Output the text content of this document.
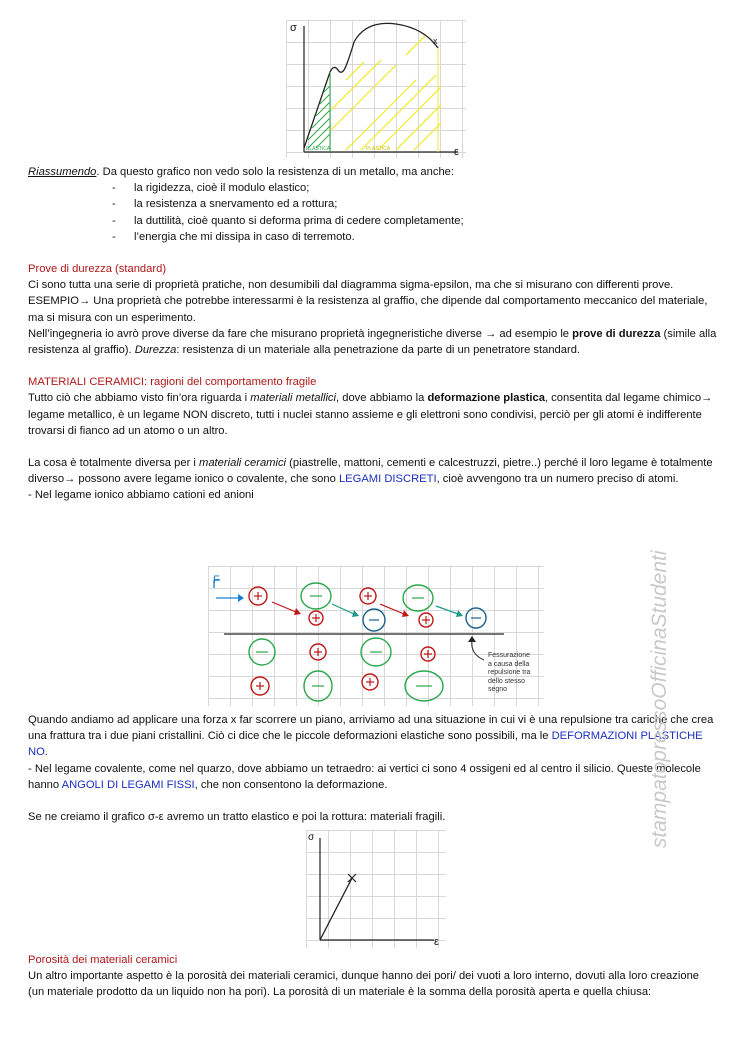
x
σ
ε
ELASTICA	PLASTICA

Riassumendo. Da questo grafico non vedo solo la resistenza di un metallo, ma anche:

- la rigidezza, cioè il modulo elastico;
- la resistenza a snervamento ed a rottura;
- la duttilità, cioè quanto si deforma prima di cedere completamente;
- l’energia che mi dissipa in caso di terremoto.

Prove di durezza (standard)

Ci sono tutta una serie di proprietà pratiche, non desumibili dal diagramma sigma-epsilon, ma che si misurano con differenti prove.

ESEMPIO→ Una proprietà che potrebbe interessarmi è la resistenza al graffio, che dipende dal comportamento meccanico del materiale, ma si misura con un esperimento.

Nell’ingegneria io avrò prove diverse da fare che misurano proprietà ingegneristiche diverse → ad esempio le prove di durezza (simile alla resistenza al graffio). Durezza: resistenza di un materiale alla penetrazione da parte di un penetratore standard.

MATERIALI CERAMICI: ragioni del comportamento fragile

Tutto ciò che abbiamo visto fin’ora riguarda i materiali metallici, dove abbiamo la deformazione plastica, consentita dal legame chimico→ legame metallico, è un legame NON discreto, tutti i nuclei stanno assieme e gli elettroni sono condivisi, perciò per gli atomi è indifferente trovarsi di fianco ad un atomo o un altro.

La cosa è totalmente diversa per i materiali ceramici (piastrelle, mattoni, cementi e calcestruzzi, pietre..) perché il loro legame è totalmente diverso→ possono avere legame ionico o covalente, che sono LEGAMI DISCRETI, cioè avvengono tra un numero preciso di atomi.

- Nel legame ionico abbiamo cationi ed anioni

F
Fessurazione
a causa della
repulsione tra
dello stesso
segno

Quando andiamo ad applicare una forza x far scorrere un piano, arriviamo ad una situazione in cui vi è una repulsione tra cariche che crea una frattura tra i due piani cristallini. Ciò ci dice che le piccole deformazioni elastiche sono possibili, ma le DEFORMAZIONI PLASTICHE NO.

- Nel legame covalente, come nel quarzo, dove abbiamo un tetraedro: ai vertici ci sono 4 ossigeni ed al centro il silicio. Queste molecole hanno ANGOLI DI LEGAMI FISSI, che non consentono la deformazione.

Se ne creiamo il grafico σ-ε avremo un tratto elastico e poi la rottura: materiali fragili.

σ
ε

Porosità dei materiali ceramici

Un altro importante aspetto è la porosità dei materiali ceramici, dunque hanno dei pori/ dei vuoti a loro interno, dovuti alla loro creazione (un materiale prodotto da un liquido non ha pori). La porosità di un materiale è la somma della porosità aperta e quella chiusa:

stampatopressoOfficinaStudenti
